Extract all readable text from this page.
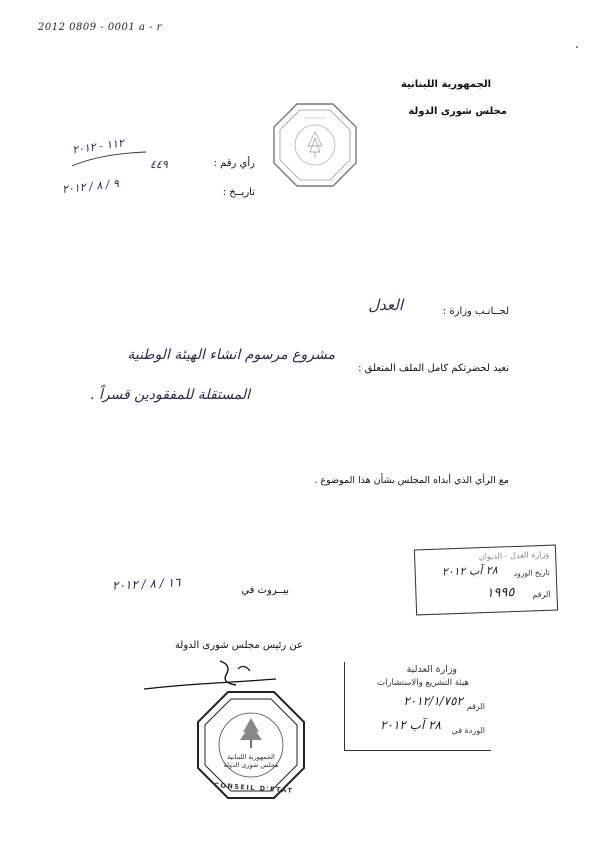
2012 0809 - 0001 a - r
الجمهورية اللبنانية
مجلس شورى الدولة
~~~~~
رأي رقم :
٤٤٩
١١٢ - ٢٠١٢
تاريــخ :
٩ / ٨ / ٢٠١٢
لجــانـب وزارة :
العدل
نعيد لحضرتكم كامل الملف المتعلق :
مشروع مرسوم انشاء الهيئة الوطنية
المستقلة للمفقودين قسراً .
مع الرأي الذي أبداه المجلس بشأن هذا الموضوع .
وزارة العدل - الديوان
تاريخ الورود
٢٨ آب ٢٠١٢
الرقم
١٩٩٥
بيــروت في
١٦ / ٨ / ٢٠١٢
عن رئيس مجلس شورى الدولة
الجمهورية اللبنانية مجلس شورى الدولة
CONSEIL D'ETAT
وزارة العدلية
هيئة التشريع والاستشارات
الرقم
٢٠١٢/١/٧٥٢
الوردة في
٢٨ آب ٢٠١٢
